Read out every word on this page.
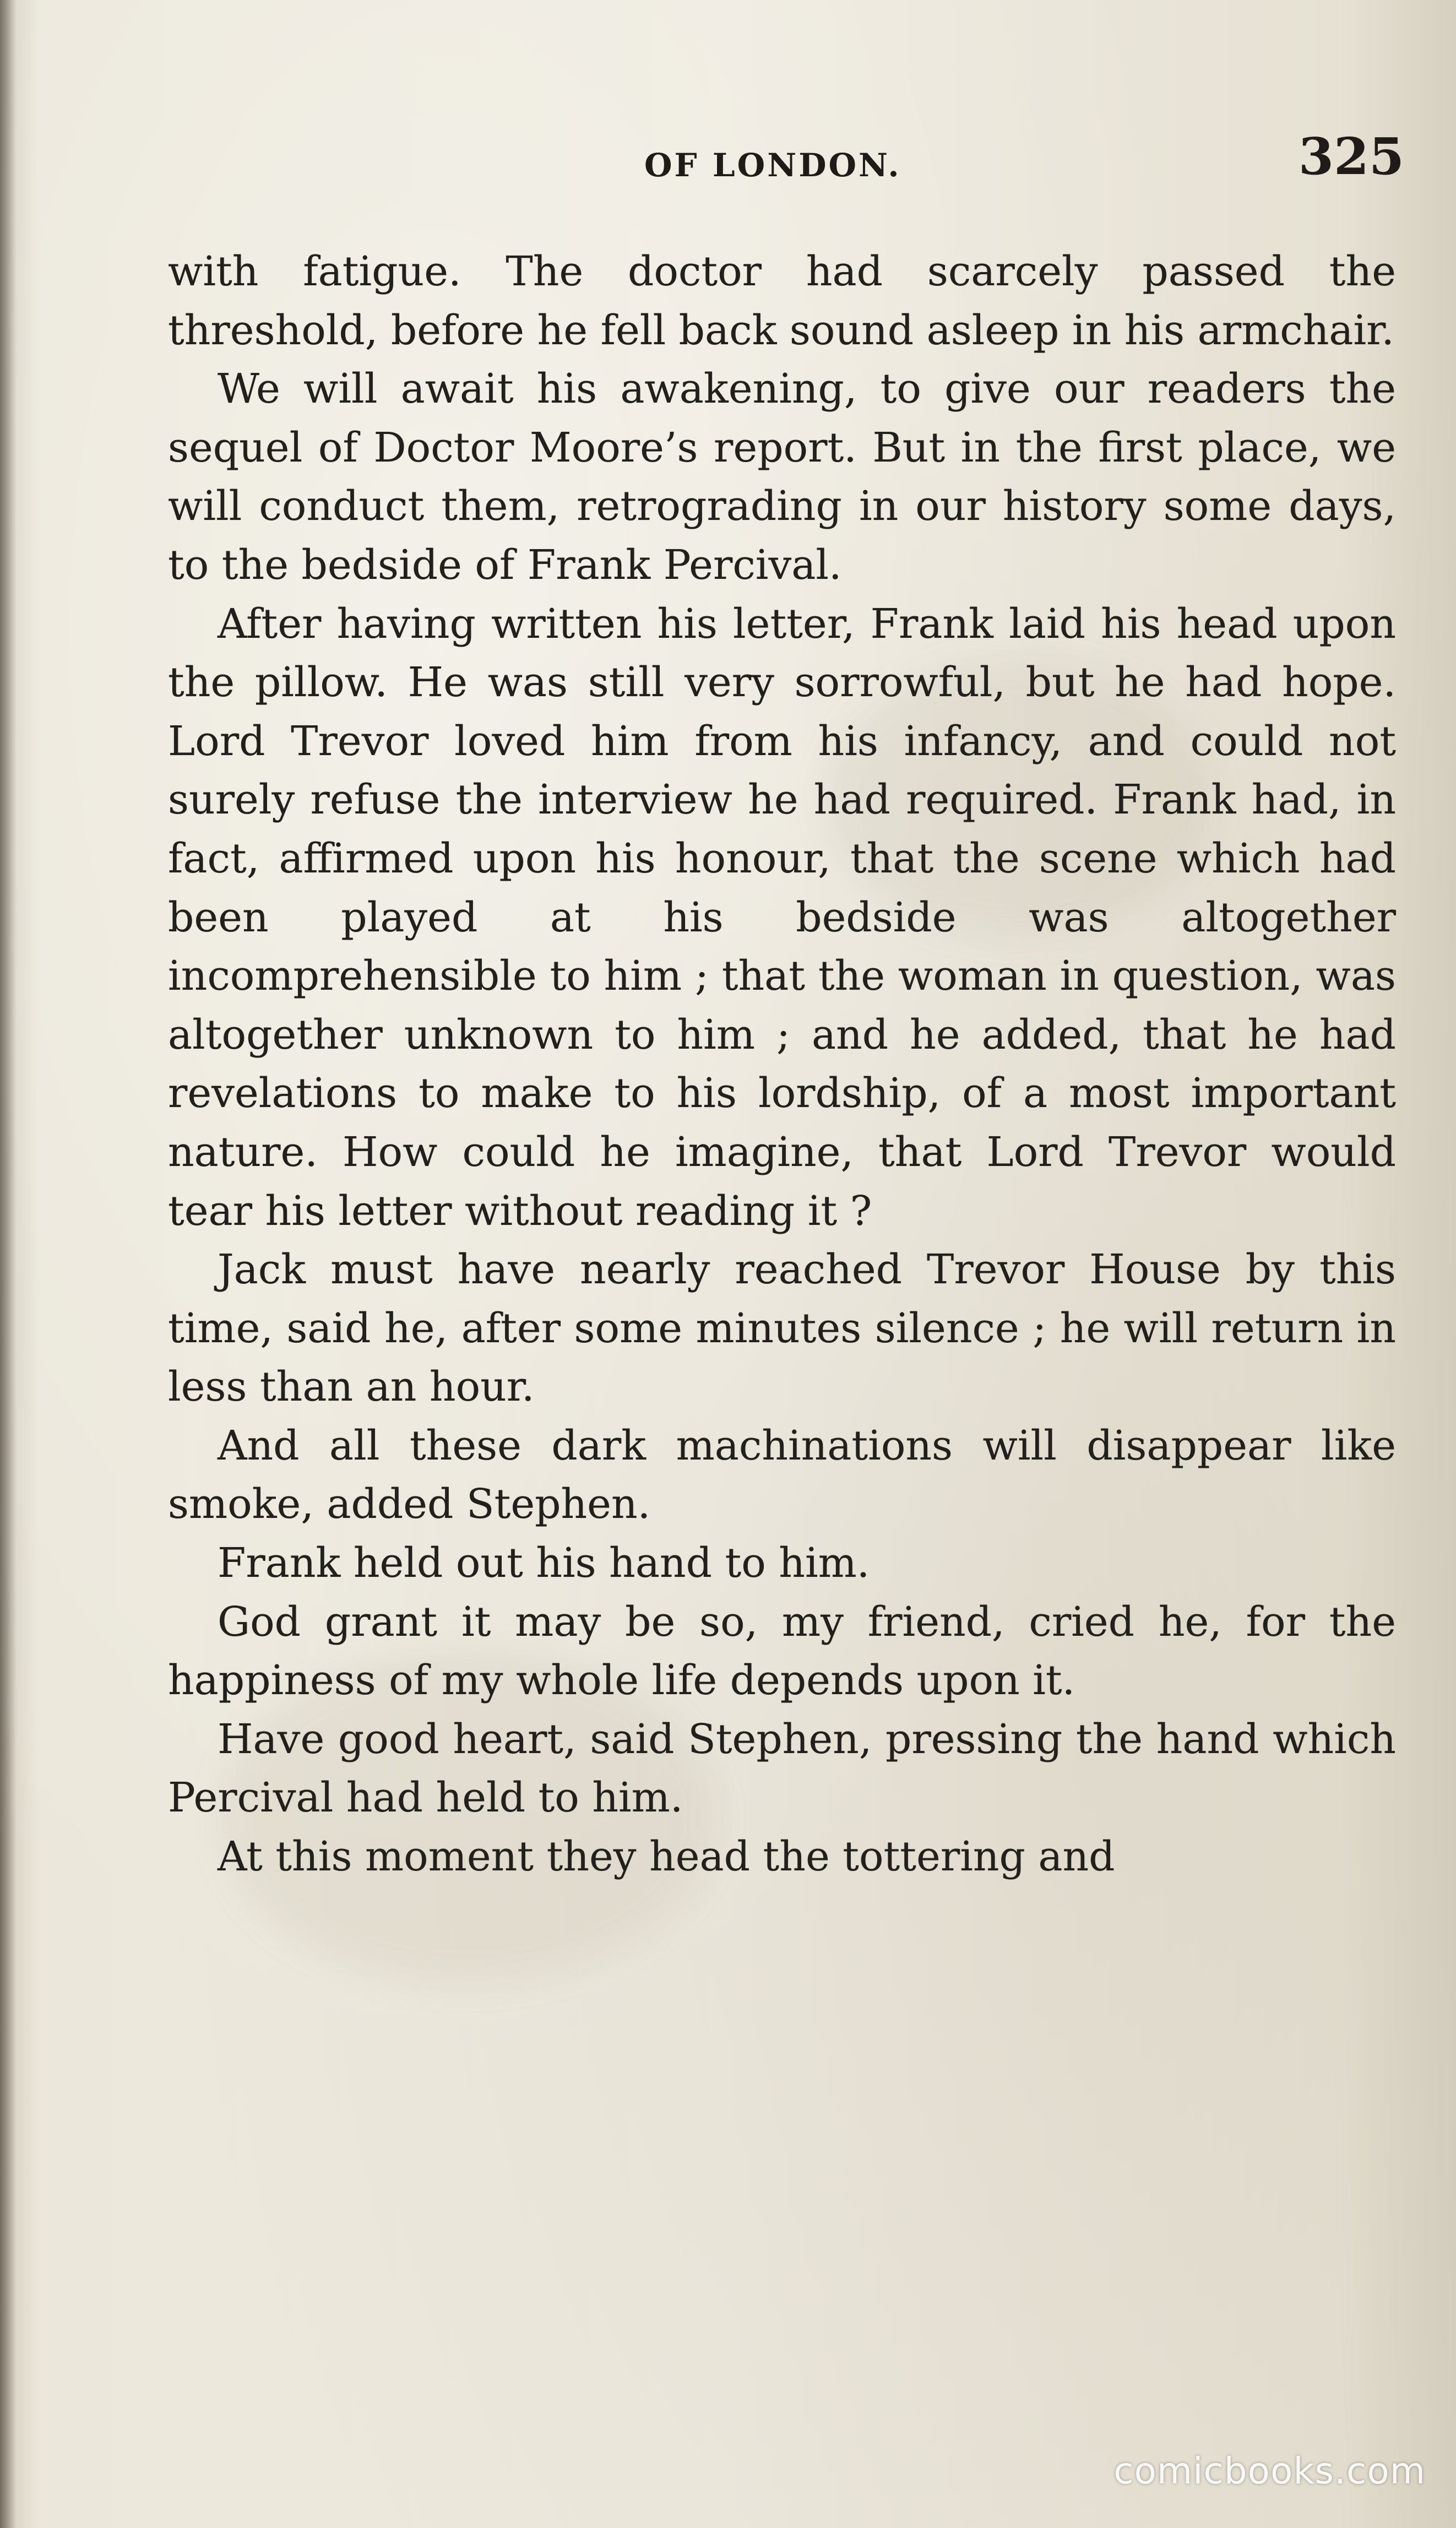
OF LONDON.	325

with fatigue. The doctor had scarcely passed the threshold, before he fell back sound asleep in his armchair.

We will await his awakening, to give our readers the sequel of Doctor Moore’s report. But in the first place, we will conduct them, retrograding in our history some days, to the bedside of Frank Percival.

After having written his letter, Frank laid his head upon the pillow. He was still very sorrowful, but he had hope. Lord Trevor loved him from his infancy, and could not surely refuse the interview he had required. Frank had, in fact, affirmed upon his honour, that the scene which had been played at his bedside was altogether incomprehensible to him ; that the woman in question, was altogether unknown to him ; and he added, that he had revelations to make to his lordship, of a most important nature. How could he imagine, that Lord Trevor would tear his letter without reading it ?

Jack must have nearly reached Trevor House by this time, said he, after some minutes silence ; he will return in less than an hour.

And all these dark machinations will disappear like smoke, added Stephen.

Frank held out his hand to him.

God grant it may be so, my friend, cried he, for the happiness of my whole life depends upon it.

Have good heart, said Stephen, pressing the hand which Percival had held to him.

At this moment they head the tottering and

comicbooks.com
